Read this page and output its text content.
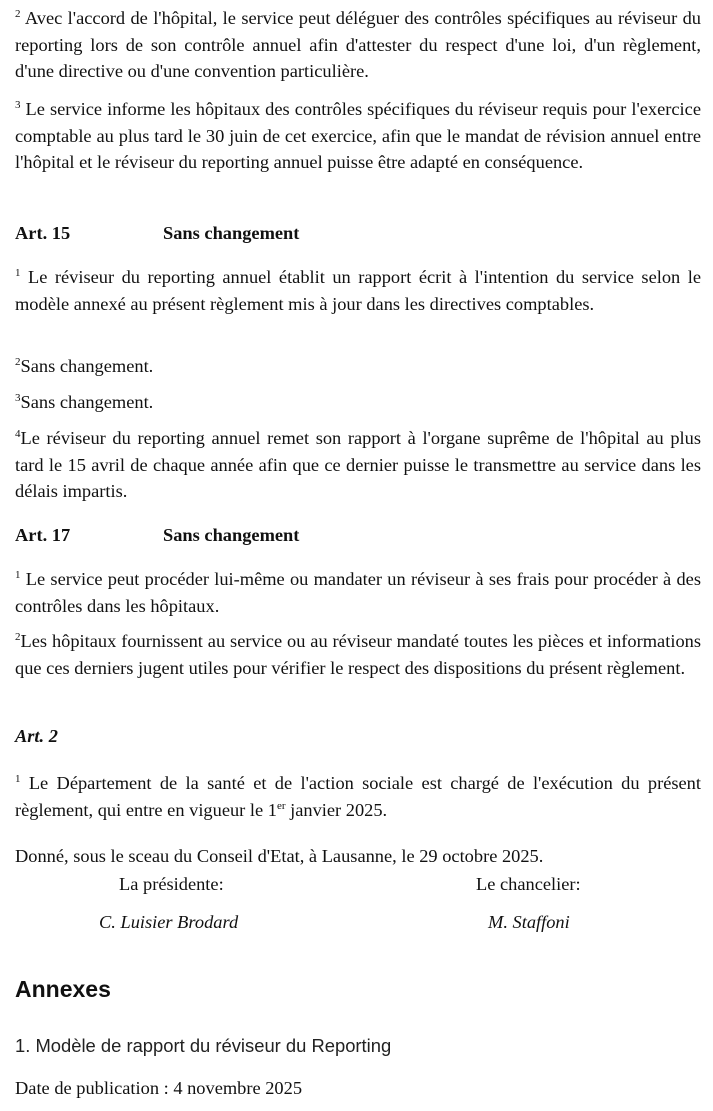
$^2$ Avec l'accord de l'hôpital, le service peut déléguer des contrôles spécifiques au réviseur du reporting lors de son contrôle annuel afin d'attester du respect d'une loi, d'un règlement, d'une directive ou d'une convention particulière.

$^3$ Le service informe les hôpitaux des contrôles spécifiques du réviseur requis pour l'exercice comptable au plus tard le 30 juin de cet exercice, afin que le mandat de révision annuel entre l'hôpital et le réviseur du reporting annuel puisse être adapté en conséquence.

Art. 15	Sans changement

$^1$ Le réviseur du reporting annuel établit un rapport écrit à l'intention du service selon le modèle annexé au présent règlement mis à jour dans les directives comptables.

$^2$Sans changement.

$^3$Sans changement.

$^4$Le réviseur du reporting annuel remet son rapport à l'organe suprême de l'hôpital au plus tard le 15 avril de chaque année afin que ce dernier puisse le transmettre au service dans les délais impartis.

Art. 17	Sans changement

$^1$ Le service peut procéder lui-même ou mandater un réviseur à ses frais pour procéder à des contrôles dans les hôpitaux.

$^2$Les hôpitaux fournissent au service ou au réviseur mandaté toutes les pièces et informations que ces derniers jugent utiles pour vérifier le respect des dispositions du présent règlement.

Art. 2

$^1$ Le Département de la santé et de l'action sociale est chargé de l'exécution du présent règlement, qui entre en vigueur le 1er janvier 2025.

Donné, sous le sceau du Conseil d'Etat, à Lausanne, le 29 octobre 2025.

La présidente:	Le chancelier:
C. Luisier Brodard	M. Staffoni
Annexes
1. Modèle de rapport du réviseur du Reporting

Date de publication : 4 novembre 2025
